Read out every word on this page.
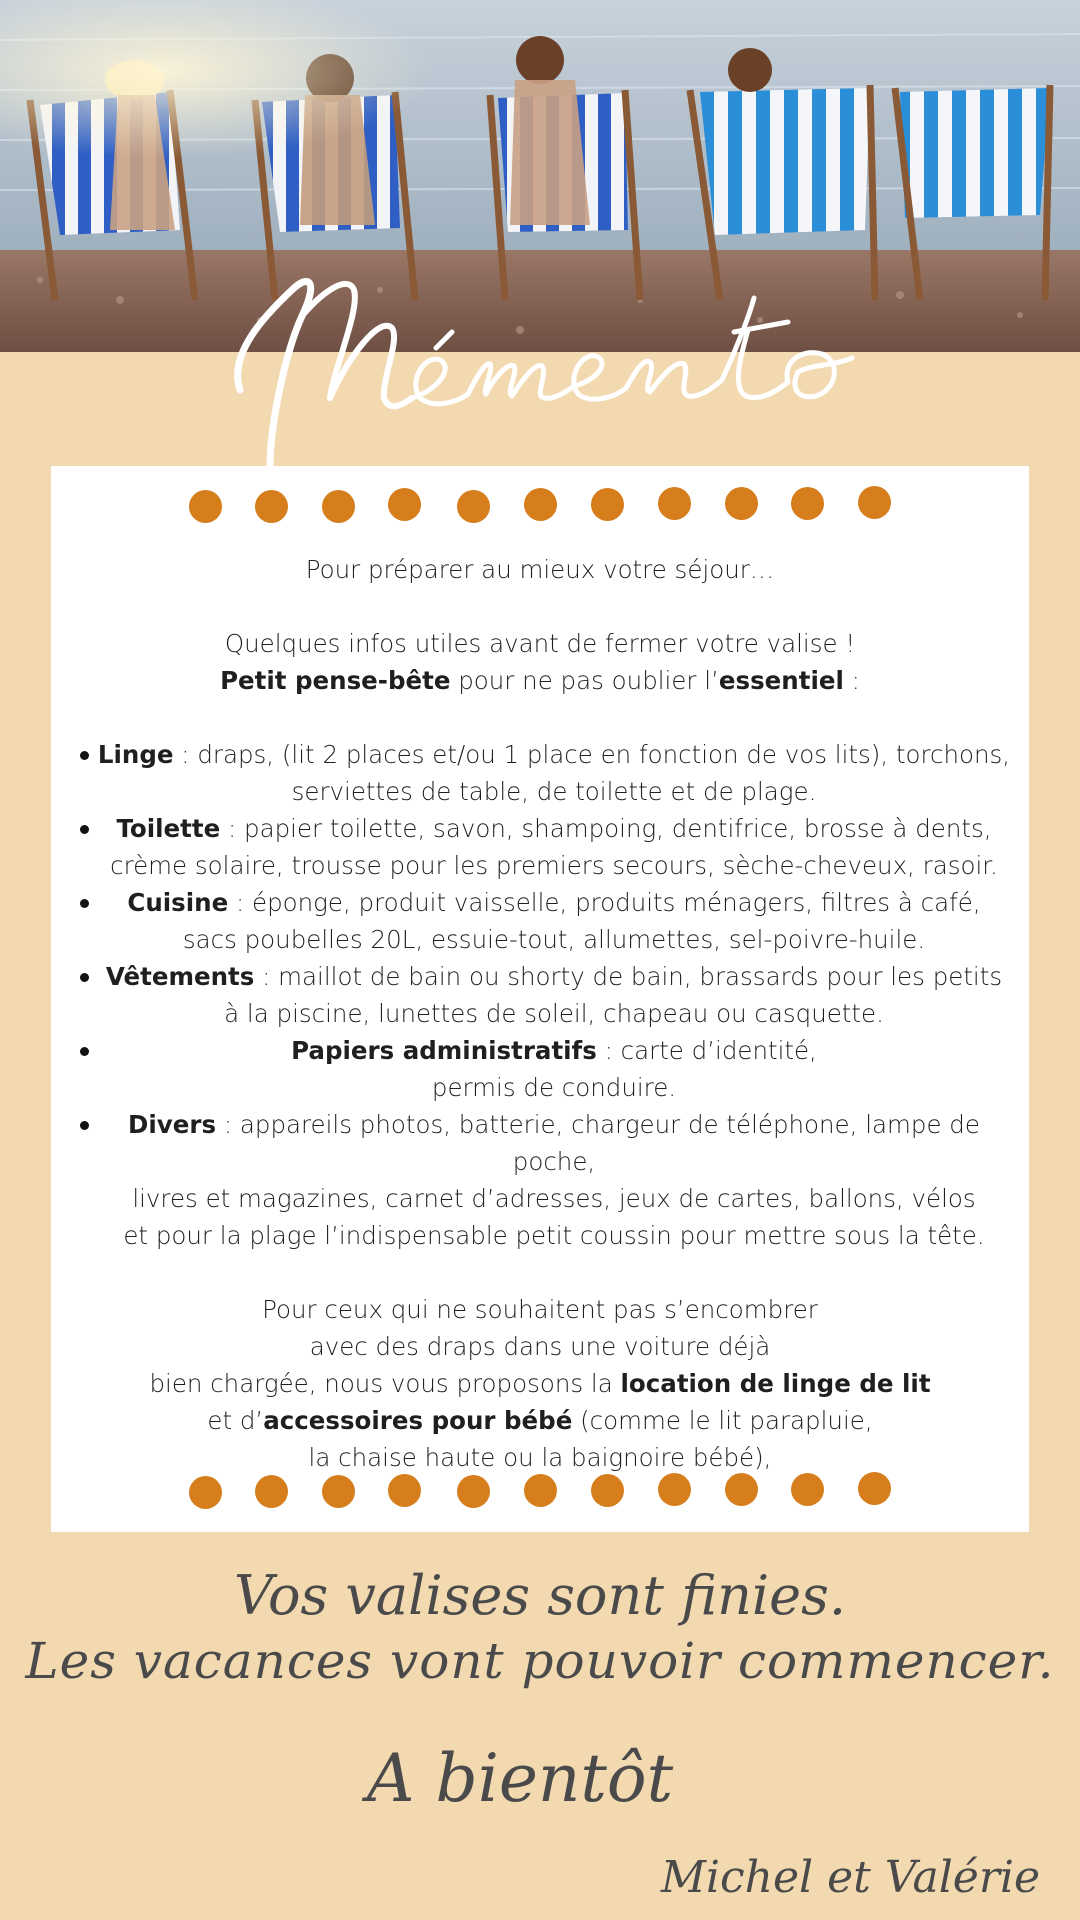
Pour préparer au mieux votre séjour…

Quelques infos utiles avant de fermer votre valise !

Petit pense-bête pour ne pas oublier l’essentiel :

Linge : draps, (lit 2 places et/ou 1 place en fonction de vos lits), torchons,
serviettes de table, de toilette et de plage.
Toilette : papier toilette, savon, shampoing, dentifrice, brosse à dents,
crème solaire, trousse pour les premiers secours, sèche-cheveux, rasoir.
Cuisine : éponge, produit vaisselle, produits ménagers, filtres à café,
sacs poubelles 20L, essuie-tout, allumettes, sel-poivre-huile.
Vêtements : maillot de bain ou shorty de bain, brassards pour les petits
à la piscine, lunettes de soleil, chapeau ou casquette.
Papiers administratifs : carte d’identité,
permis de conduire.
Divers : appareils photos, batterie, chargeur de téléphone, lampe de poche,
livres et magazines, carnet d’adresses, jeux de cartes, ballons, vélos
et pour la plage l’indispensable petit coussin pour mettre sous la tête.

Pour ceux qui ne souhaitent pas s’encombrer

avec des draps dans une voiture déjà

bien chargée, nous vous proposons la location de linge de lit

et d’accessoires pour bébé (comme le lit parapluie,

la chaise haute ou la baignoire bébé),

Vos valises sont finies.
Les vacances vont pouvoir commencer.
A bientôt
Michel et Valérie
